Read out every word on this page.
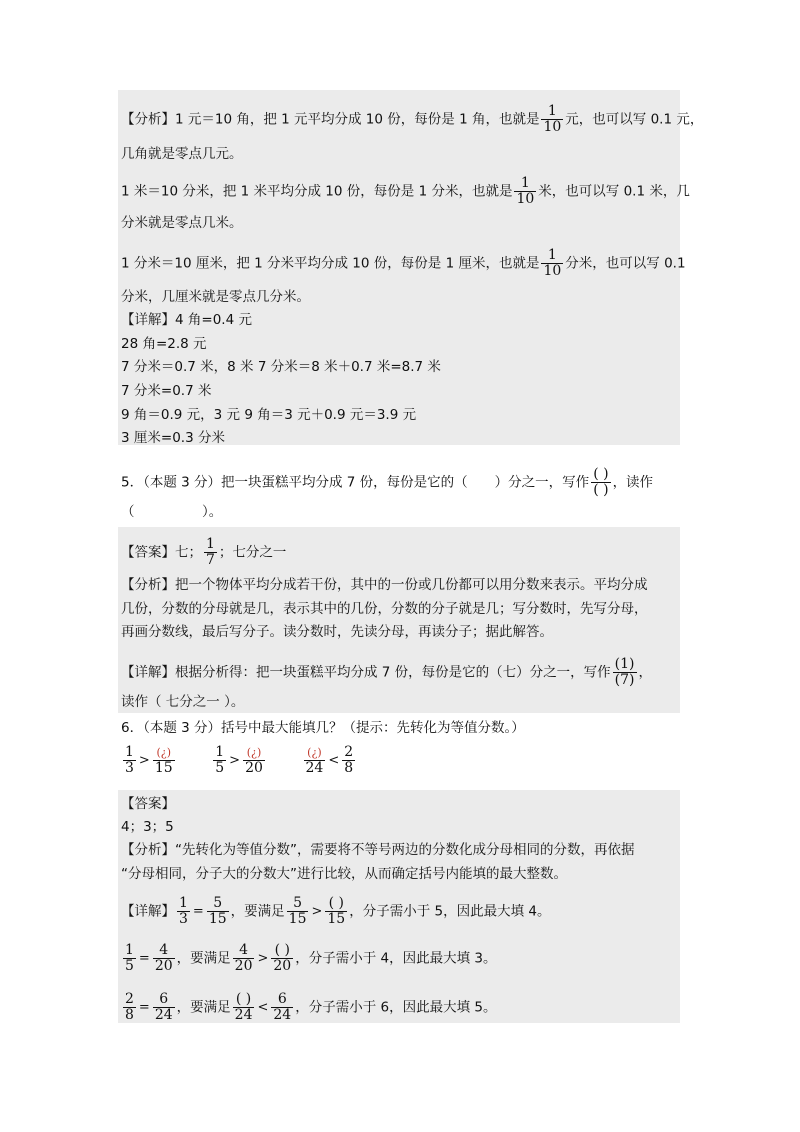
【分析】1 元＝10 角，把 1 元平均分成 10 份，每份是 1 角，也就是 $\frac{1}{10}$ 元，也可以写 0.1 元，
几角就是零点几元。
1 米＝10 分米，把 1 米平均分成 10 份，每份是 1 分米，也就是 $\frac{1}{10}$ 米，也可以写 0.1 米，几
分米就是零点几米。
1 分米＝10 厘米，把 1 分米平均分成 10 份，每份是 1 厘米，也就是 $\frac{1}{10}$ 分米，也可以写 0.1
分米，几厘米就是零点几分米。
【详解】4 角=0.4 元
28 角=2.8 元
7 分米＝0.7 米，8 米 7 分米＝8 米＋0.7 米=8.7 米
7 分米=0.7 米
9 角＝0.9 元，3 元 9 角＝3 元＋0.9 元＝3.9 元
3 厘米=0.3 分米
5．（本题 3 分）把一块蛋糕平均分成 7 份，每份是它的（　　）分之一，写作
( )
( ) ，读作
（　　　　　）。
【答案】七； $\frac{1}{7}$ ；七分之一
【分析】把一个物体平均分成若干份，其中的一份或几份都可以用分数来表示。平均分成
几份，分数的分母就是几，表示其中的几份，分数的分子就是几；写分数时，先写分母，
再画分数线，最后写分子。读分数时，先读分母，再读分子；据此解答。
【详解】根据分析得：把一块蛋糕平均分成 7 份，每份是它的（七）分之一，写作 $\frac{(1)}{(7)}$ ，
读作（ 七分之一 ）。
6．（本题 3 分）括号中最大能填几？（提示：先转化为等值分数。）
$\frac{1}{3}$ > (¿)
15
	$\frac{1}{5}$ > (¿)
20

(¿)
$24 < \frac{2}{8}$
【答案】
4；3；5
【分析】“先转化为等值分数”，需要将不等号两边的分数化成分母相同的分数，再依据
“分母相同，分子大的分数大”进行比较，从而确定括号内能填的最大整数。
【详解】 $\frac{1}{3} = \frac{5}{15}$ ，要满足 $\frac{5}{15}$ > ( )
15 ，分子需小于 5，因此最大填 4。
$\frac{1}{5} = \frac{4}{20}$ ，要满足 $\frac{4}{20}$ > ( )
20 ，分子需小于 4，因此最大填 3。
$\frac{2}{8} = \frac{6}{24}$ ，要满足
( )
$24 < \frac{6}{24}$ ，分子需小于 6，因此最大填 5。
